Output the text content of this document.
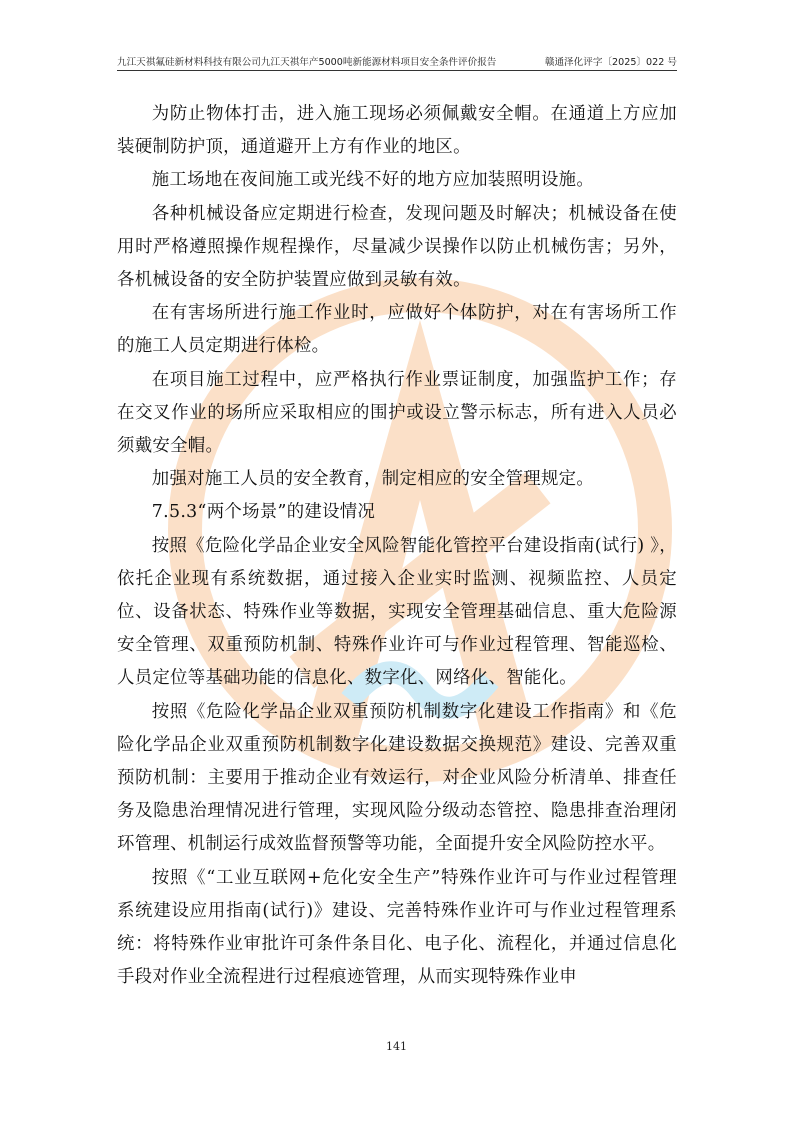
九江天祺氟硅新材料科技有限公司九江天祺年产5000吨新能源材料项目安全条件评价报告	赣通泽化评字〔2025〕022 号

为防止物体打击，进入施工现场必须佩戴安全帽。在通道上方应加装硬制防护顶，通道避开上方有作业的地区。

施工场地在夜间施工或光线不好的地方应加装照明设施。

各种机械设备应定期进行检查，发现问题及时解决；机械设备在使用时严格遵照操作规程操作，尽量减少误操作以防止机械伤害；另外，各机械设备的安全防护装置应做到灵敏有效。

在有害场所进行施工作业时，应做好个体防护，对在有害场所工作的施工人员定期进行体检。

在项目施工过程中，应严格执行作业票证制度，加强监护工作；存在交叉作业的场所应采取相应的围护或设立警示标志，所有进入人员必须戴安全帽。

加强对施工人员的安全教育，制定相应的安全管理规定。

7.5.3“两个场景”的建设情况

按照《危险化学品企业安全风险智能化管控平台建设指南(试行) 》，依托企业现有系统数据，通过接入企业实时监测、视频监控、人员定位、设备状态、特殊作业等数据，实现安全管理基础信息、重大危险源安全管理、双重预防机制、特殊作业许可与作业过程管理、智能巡检、人员定位等基础功能的信息化、数字化、网络化、智能化。

按照《危险化学品企业双重预防机制数字化建设工作指南》和《危险化学品企业双重预防机制数字化建设数据交换规范》建设、完善双重预防机制：主要用于推动企业有效运行，对企业风险分析清单、排查任务及隐患治理情况进行管理，实现风险分级动态管控、隐患排查治理闭环管理、机制运行成效监督预警等功能，全面提升安全风险防控水平。

按照《“工业互联网+危化安全生产”特殊作业许可与作业过程管理系统建设应用指南(试行)》建设、完善特殊作业许可与作业过程管理系统：将特殊作业审批许可条件条目化、电子化、流程化，并通过信息化手段对作业全流程进行过程痕迹管理，从而实现特殊作业申

141
